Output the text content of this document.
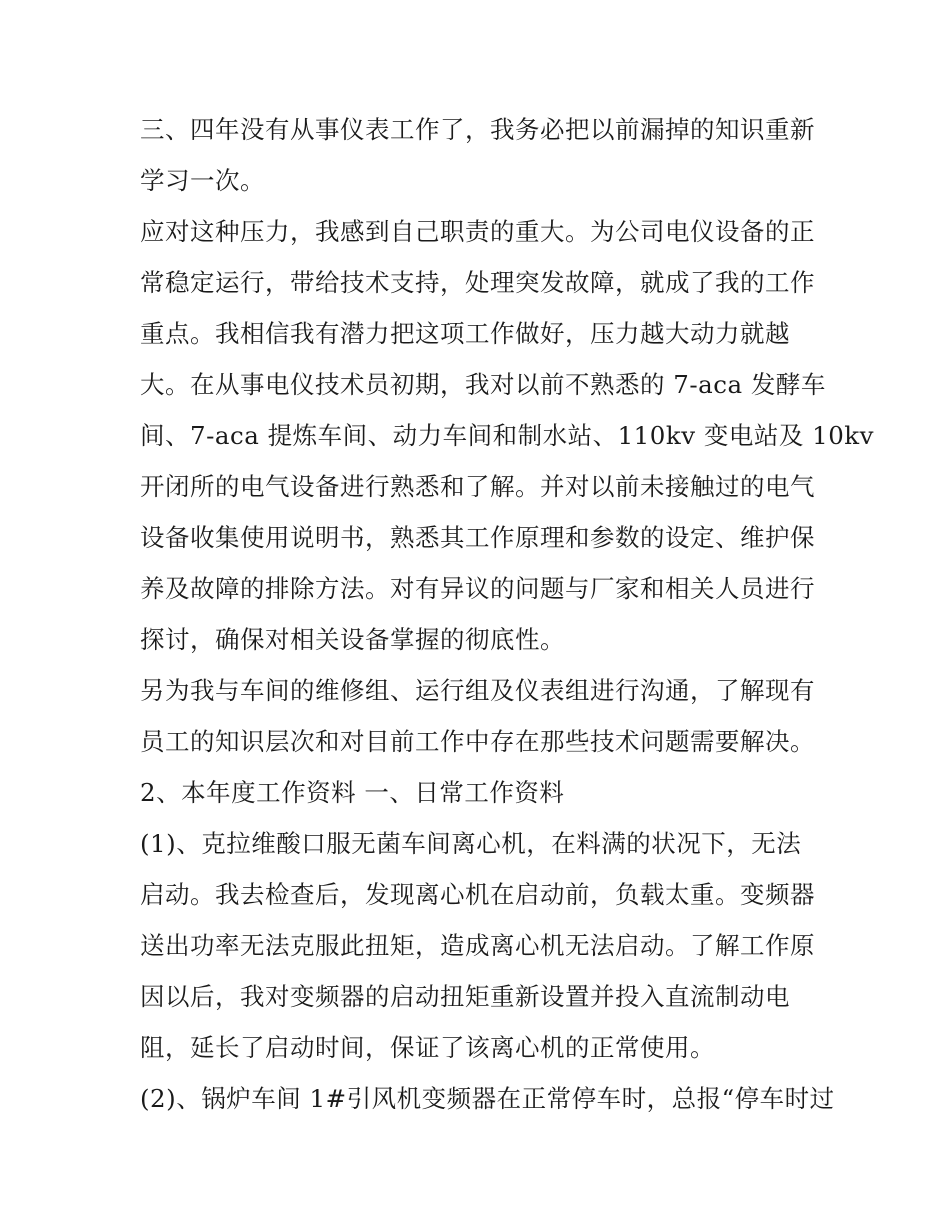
三、四年没有从事仪表工作了，我务必把以前漏掉的知识重新
学习一次。
应对这种压力，我感到自己职责的重大。为公司电仪设备的正
常稳定运行，带给技术支持，处理突发故障，就成了我的工作
重点。我相信我有潜力把这项工作做好，压力越大动力就越
大。在从事电仪技术员初期，我对以前不熟悉的 7-aca 发酵车
间、7-aca 提炼车间、动力车间和制水站、110kv 变电站及 10kv
开闭所的电气设备进行熟悉和了解。并对以前未接触过的电气
设备收集使用说明书，熟悉其工作原理和参数的设定、维护保
养及故障的排除方法。对有异议的问题与厂家和相关人员进行
探讨，确保对相关设备掌握的彻底性。
另为我与车间的维修组、运行组及仪表组进行沟通，了解现有
员工的知识层次和对目前工作中存在那些技术问题需要解决。
2、本年度工作资料 一、日常工作资料
(1)、克拉维酸口服无菌车间离心机，在料满的状况下，无法
启动。我去检查后，发现离心机在启动前，负载太重。变频器
送出功率无法克服此扭矩，造成离心机无法启动。了解工作原
因以后，我对变频器的启动扭矩重新设置并投入直流制动电
阻，延长了启动时间，保证了该离心机的正常使用。
(2)、锅炉车间 1#引风机变频器在正常停车时，总报“停车时过
